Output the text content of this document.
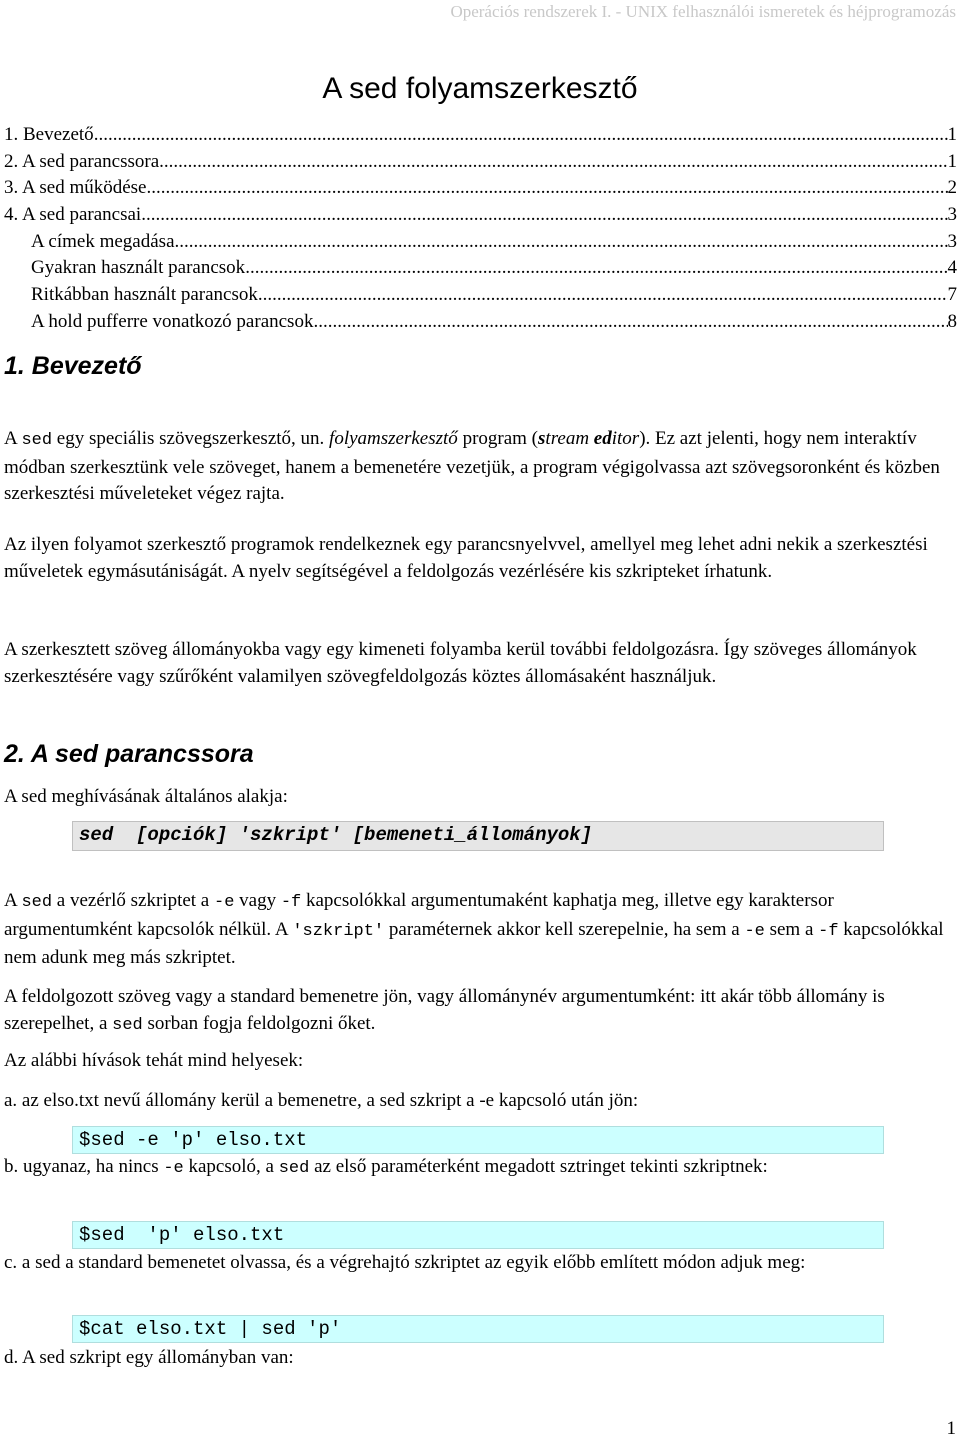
Operációs rendszerek I. - UNIX felhasználói ismeretek és héjprogramozás
A sed folyamszerkesztő
1. Bevezető .....	1
2. A sed parancssora .....	1
3. A sed működése .....	2
4. A sed parancsai .....	3
A címek megadása .....	3
Gyakran használt parancsok .....	4
Ritkábban használt parancsok .....	7
A hold pufferre vonatkozó parancsok .....	8
1. Bevezető

A sed egy speciális szövegszerkesztő, un. folyamszerkesztő program (stream editor). Ez azt jelenti, hogy nem interaktív módban szerkesztünk vele szöveget, hanem a bemenetére vezetjük, a program végigolvassa azt szövegsoronként és közben szerkesztési műveleteket végez rajta.

Az ilyen folyamot szerkesztő programok rendelkeznek egy parancsnyelvvel, amellyel meg lehet adni nekik a szerkesztési műveletek egymásutániságát. A nyelv segítségével a feldolgozás vezérlésére kis szkripteket írhatunk.

A szerkesztett szöveg állományokba vagy egy kimeneti folyamba kerül további feldolgozásra. Így szöveges állományok szerkesztésére vagy szűrőként valamilyen szövegfeldolgozás köztes állomásaként használjuk.

2. A sed parancssora

A sed meghívásának általános alakja:

sed  [opciók] 'szkript' [bemeneti_állományok]

A sed a vezérlő szkriptet a -e vagy -f kapcsolókkal argumentumaként kaphatja meg, illetve egy karaktersor argumentumként kapcsolók nélkül. A 'szkript' paraméternek akkor kell szerepelnie, ha sem a -e sem a -f kapcsolókkal nem adunk meg más szkriptet.

A feldolgozott szöveg vagy a standard bemenetre jön, vagy állománynév argumentumként: itt akár több állomány is szerepelhet, a sed sorban fogja feldolgozni őket.

Az alábbi hívások tehát mind helyesek:

a. az elso.txt nevű állomány kerül a bemenetre, a sed szkript a -e kapcsoló után jön:

$sed -e 'p' elso.txt

b. ugyanaz, ha nincs -e kapcsoló, a sed az első paraméterként megadott sztringet tekinti szkriptnek:

$sed  'p' elso.txt

c. a sed a standard bemenetet olvassa, és a végrehajtó szkriptet az egyik előbb említett módon adjuk meg:

$cat elso.txt | sed 'p'

d. A sed szkript egy állományban van:

1
